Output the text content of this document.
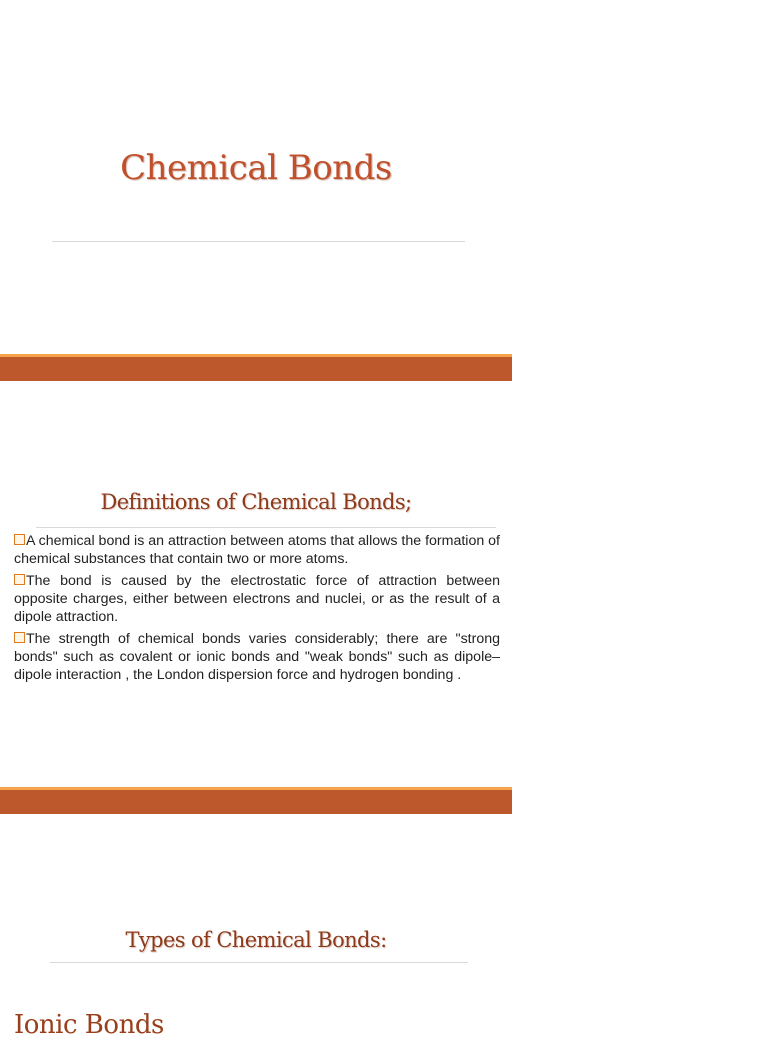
Chemical Bonds
Definitions of Chemical Bonds;
A chemical bond is an attraction between atoms that allows the formation of chemical substances that contain two or more atoms.
The bond is caused by the electrostatic force of attraction between opposite charges, either between electrons and nuclei, or as the result of a dipole attraction.
The strength of chemical bonds varies considerably; there are "strong bonds" such as covalent or ionic bonds and "weak bonds" such as dipole–dipole interaction , the London dispersion force and hydrogen bonding .
Types of Chemical Bonds:
Ionic Bonds
